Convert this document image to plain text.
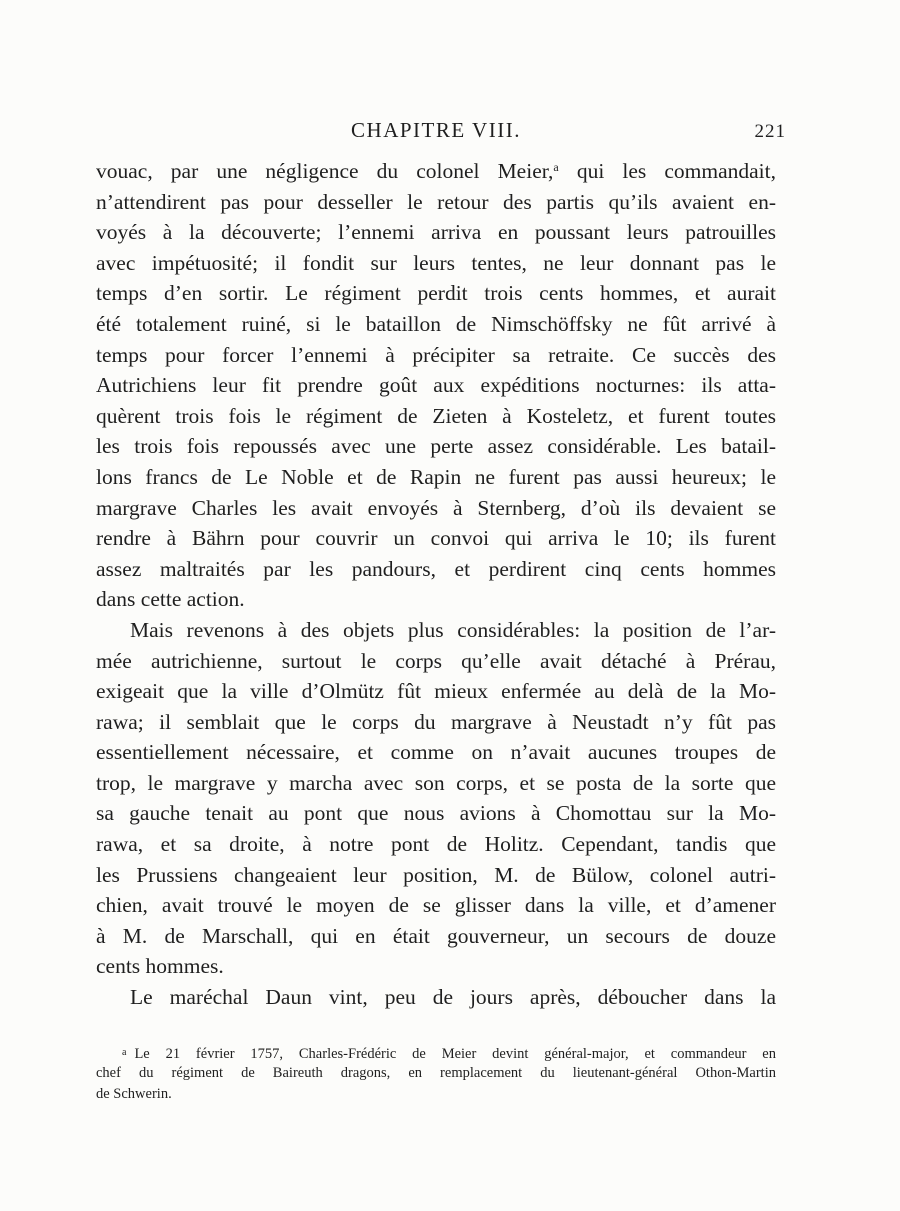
CHAPITRE VIII.	221
vouac, par une négligence du colonel Meier,$^a$ qui les commandait,
n’attendirent pas pour desseller le retour des partis qu’ils avaient en-
voyés à la découverte; l’ennemi arriva en poussant leurs patrouilles
avec impétuosité; il fondit sur leurs tentes, ne leur donnant pas le
temps d’en sortir. Le régiment perdit trois cents hommes, et aurait
été totalement ruiné, si le bataillon de Nimschöffsky ne fût arrivé à
temps pour forcer l’ennemi à précipiter sa retraite. Ce succès des
Autrichiens leur fit prendre goût aux expéditions nocturnes: ils atta-
quèrent trois fois le régiment de Zieten à Kosteletz, et furent toutes
les trois fois repoussés avec une perte assez considérable. Les batail-
lons francs de Le Noble et de Rapin ne furent pas aussi heureux; le
margrave Charles les avait envoyés à Sternberg, d’où ils devaient se
rendre à Bährn pour couvrir un convoi qui arriva le 10; ils furent
assez maltraités par les pandours, et perdirent cinq cents hommes
dans cette action.
Mais revenons à des objets plus considérables: la position de l’ar-
mée autrichienne, surtout le corps qu’elle avait détaché à Prérau,
exigeait que la ville d’Olmütz fût mieux enfermée au delà de la Mo-
rawa; il semblait que le corps du margrave à Neustadt n’y fût pas
essentiellement nécessaire, et comme on n’avait aucunes troupes de
trop, le margrave y marcha avec son corps, et se posta de la sorte que
sa gauche tenait au pont que nous avions à Chomottau sur la Mo-
rawa, et sa droite, à notre pont de Holitz. Cependant, tandis que
les Prussiens changeaient leur position, M. de Bülow, colonel autri-
chien, avait trouvé le moyen de se glisser dans la ville, et d’amener
à M. de Marschall, qui en était gouverneur, un secours de douze
cents hommes.
Le maréchal Daun vint, peu de jours après, déboucher dans la
$^a$ Le 21 février 1757, Charles-Frédéric de Meier devint général-major, et commandeur en
chef du régiment de Baireuth dragons, en remplacement du lieutenant-général Othon-Martin
de Schwerin.
